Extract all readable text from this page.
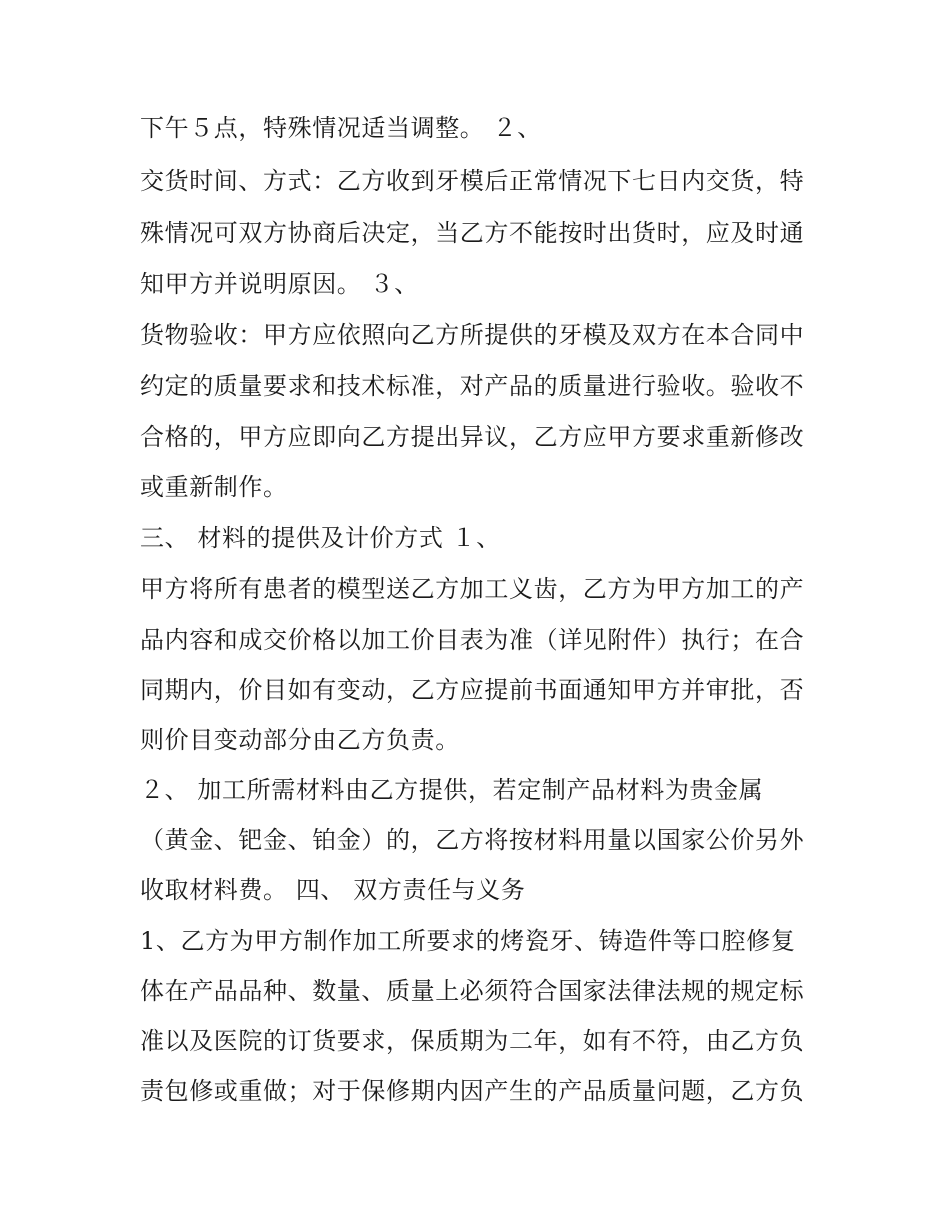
下午５点，特殊情况适当调整。 ２、
交货时间、方式：乙方收到牙模后正常情况下七日内交货，特
殊情况可双方协商后决定，当乙方不能按时出货时，应及时通
知甲方并说明原因。 ３、
货物验收：甲方应依照向乙方所提供的牙模及双方在本合同中
约定的质量要求和技术标准，对产品的质量进行验收。验收不
合格的，甲方应即向乙方提出异议，乙方应甲方要求重新修改
或重新制作。
三、 材料的提供及计价方式 １、
甲方将所有患者的模型送乙方加工义齿，乙方为甲方加工的产
品内容和成交价格以加工价目表为准（详见附件）执行；在合
同期内，价目如有变动，乙方应提前书面通知甲方并审批，否
则价目变动部分由乙方负责。
２、 加工所需材料由乙方提供，若定制产品材料为贵金属
（黄金、钯金、铂金）的，乙方将按材料用量以国家公价另外
收取材料费。 四、 双方责任与义务
1、乙方为甲方制作加工所要求的烤瓷牙、铸造件等口腔修复
体在产品品种、数量、质量上必须符合国家法律法规的规定标
准以及医院的订货要求，保质期为二年，如有不符，由乙方负
责包修或重做；对于保修期内因产生的产品质量问题，乙方负
